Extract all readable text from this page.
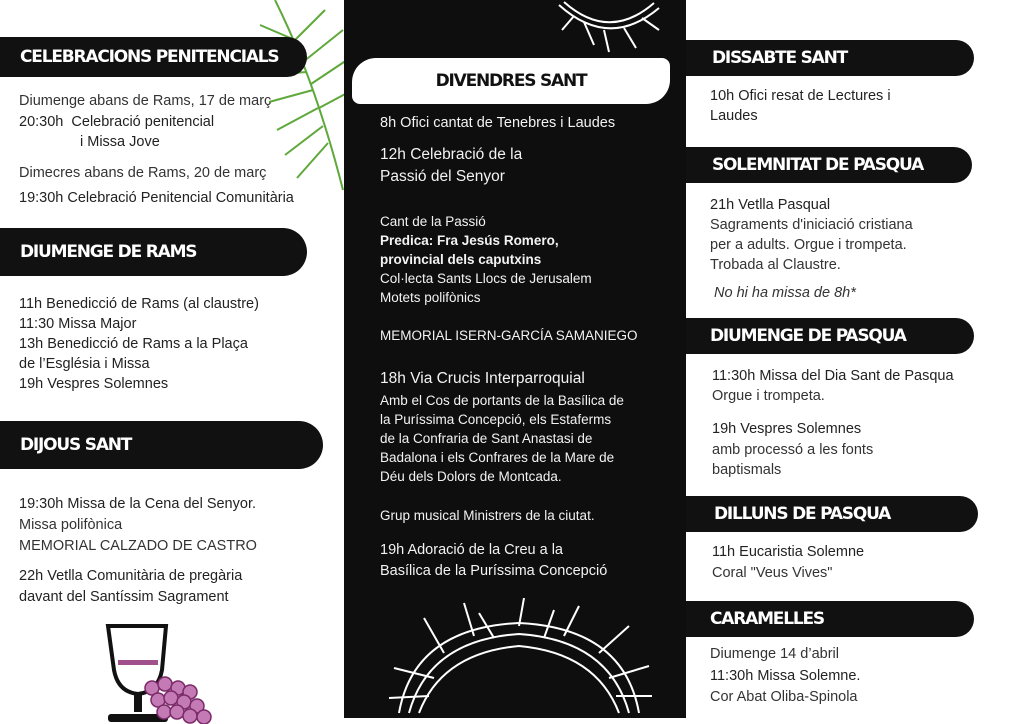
CELEBRACIONS PENITENCIALS
Diumenge abans de Rams, 17 de març
20:30h Celebració penitencial
i Missa Jove
Dimecres abans de Rams, 20 de març
19:30h Celebració Penitencial Comunitària
DIUMENGE DE RAMS
11h Benedicció de Rams (al claustre)
11:30 Missa Major
13h Benedicció de Rams a la Plaça
de l’Església i Missa
19h Vespres Solemnes
DIJOUS SANT
19:30h Missa de la Cena del Senyor.
Missa polifònica
MEMORIAL CALZADO DE CASTRO
22h Vetlla Comunitària de pregària
davant del Santíssim Sagrament
DIVENDRES SANT
8h Ofici cantat de Tenebres i Laudes
12h Celebració de la
Passió del Senyor
Cant de la Passió
Predica: Fra Jesús Romero,
provincial dels caputxins
Col·lecta Sants Llocs de Jerusalem
Motets polifònics
MEMORIAL ISERN-GARCÍA SAMANIEGO
18h Via Crucis Interparroquial
Amb el Cos de portants de la Basílica de
la Puríssima Concepció, els Estaferms
de la Confraria de Sant Anastasi de
Badalona i els Confrares de la Mare de
Déu dels Dolors de Montcada.
Grup musical Ministrers de la ciutat.
19h Adoració de la Creu a la
Basílica de la Puríssima Concepció
DISSABTE SANT
10h Ofici resat de Lectures i
Laudes
SOLEMNITAT DE PASQUA
21h Vetlla Pasqual
Sagraments d'iniciació cristiana
per a adults. Orgue i trompeta.
Trobada al Claustre.
No hi ha missa de 8h*
DIUMENGE DE PASQUA
11:30h Missa del Dia Sant de Pasqua
Orgue i trompeta.
19h Vespres Solemnes
amb processó a les fonts
baptismals
DILLUNS DE PASQUA
11h Eucaristia Solemne
Coral "Veus Vives"
CARAMELLES
Diumenge 14 d’abril
11:30h Missa Solemne.
Cor Abat Oliba-Spinola
